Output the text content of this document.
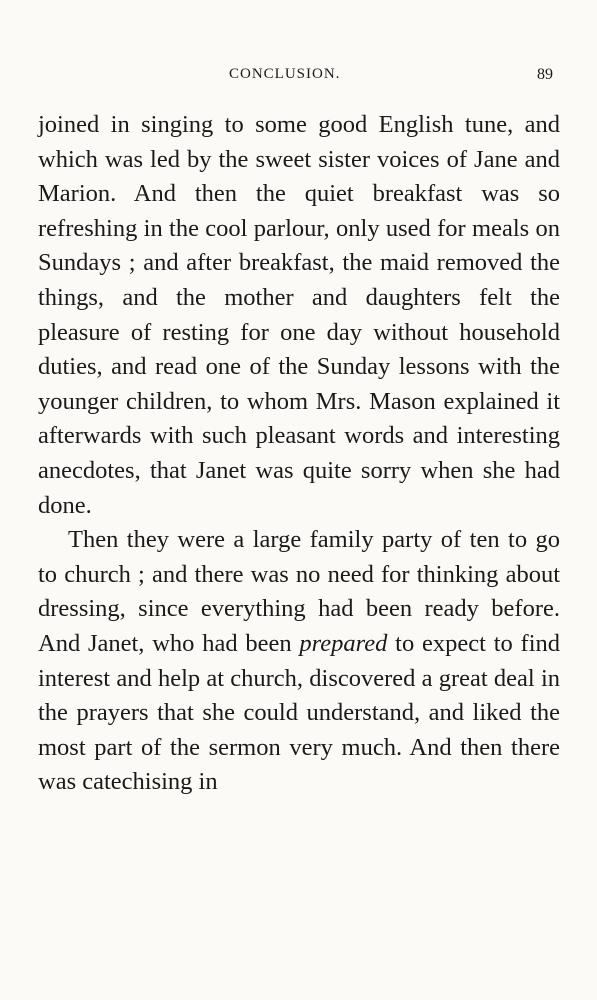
CONCLUSION.	89

joined in singing to some good English tune, and which was led by the sweet sister voices of Jane and Marion. And then the quiet breakfast was so refreshing in the cool parlour, only used for meals on Sundays ; and after breakfast, the maid removed the things, and the mother and daughters felt the pleasure of resting for one day without household duties, and read one of the Sunday lessons with the younger children, to whom Mrs. Mason explained it afterwards with such pleasant words and interesting anecdotes, that Janet was quite sorry when she had done.

Then they were a large family party of ten to go to church ; and there was no need for thinking about dressing, since everything had been ready before. And Janet, who had been prepared to expect to find interest and help at church, discovered a great deal in the prayers that she could understand, and liked the most part of the sermon very much. And then there was catechising in
